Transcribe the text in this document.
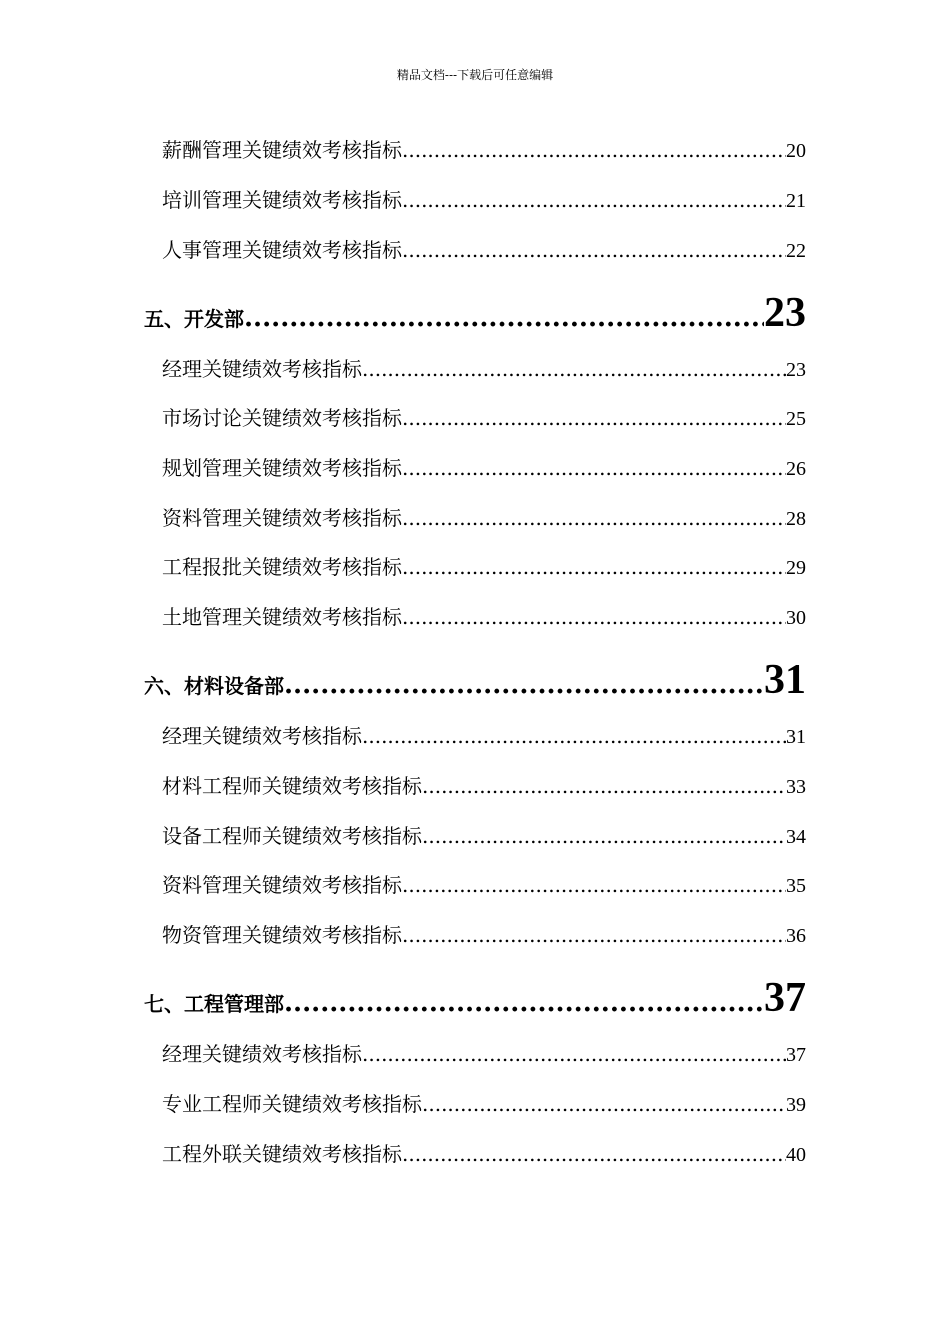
精品文档---下载后可任意编辑
薪酬管理关键绩效考核指标 .....	20
培训管理关键绩效考核指标 .....	21
人事管理关键绩效考核指标 .....	22
五、开发部 .....	23
经理关键绩效考核指标 .....	23
市场讨论关键绩效考核指标 .....	25
规划管理关键绩效考核指标 .....	26
资料管理关键绩效考核指标 .....	28
工程报批关键绩效考核指标 .....	29
土地管理关键绩效考核指标 .....	30
六、材料设备部 .....	31
经理关键绩效考核指标 .....	31
材料工程师关键绩效考核指标 .....	33
设备工程师关键绩效考核指标 .....	34
资料管理关键绩效考核指标 .....	35
物资管理关键绩效考核指标 .....	36
七、工程管理部 .....	37
经理关键绩效考核指标 .....	37
专业工程师关键绩效考核指标 .....	39
工程外联关键绩效考核指标 .....	40
